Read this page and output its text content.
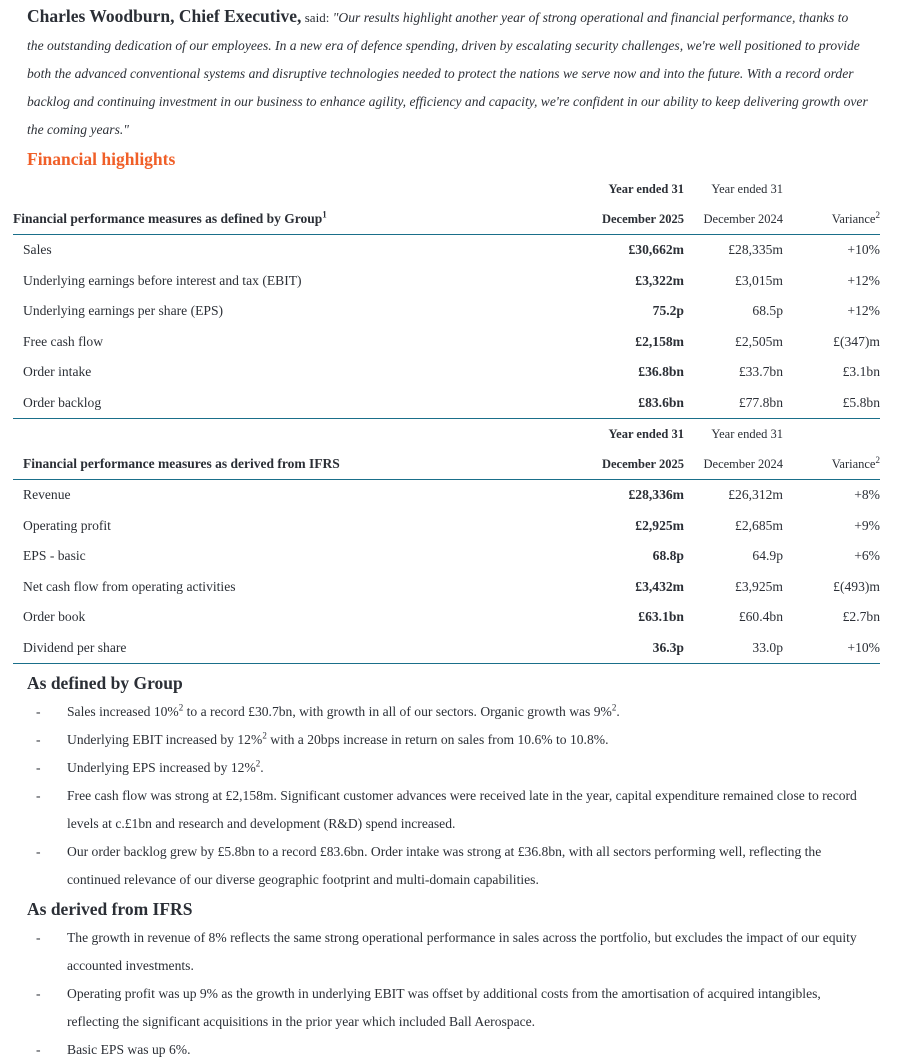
Charles Woodburn, Chief Executive, said: "Our results highlight another year of strong operational and financial performance, thanks to the outstanding dedication of our employees. In a new era of defence spending, driven by escalating security challenges, we're well positioned to provide both the advanced conventional systems and disruptive technologies needed to protect the nations we serve now and into the future. With a record order backlog and continuing investment in our business to enhance agility, efficiency and capacity, we're confident in our ability to keep delivering growth over the coming years."

Financial highlights
		Year ended 31	Year ended 31	
Financial performance measures as defined by Group$^1$		December 2025	December 2024	Variance$^2$
	Sales	£30,662m	£28,335m	+10%
	Underlying earnings before interest and tax (EBIT)	£3,322m	£3,015m	+12%
	Underlying earnings per share (EPS)	75.2p	68.5p	+12%
	Free cash flow	£2,158m	£2,505m	£(347)m
	Order intake	£36.8bn	£33.7bn	£3.1bn
	Order backlog	£83.6bn	£77.8bn	£5.8bn
		Year ended 31	Year ended 31	
	Financial performance measures as derived from IFRS	December 2025	December 2024	Variance$^2$
	Revenue	£28,336m	£26,312m	+8%
	Operating profit	£2,925m	£2,685m	+9%
	EPS - basic	68.8p	64.9p	+6%
	Net cash flow from operating activities	£3,432m	£3,925m	£(493)m
	Order book	£63.1bn	£60.4bn	£2.7bn
	Dividend per share	36.3p	33.0p	+10%
As defined by Group
- Sales increased 10%$^2$ to a record £30.7bn, with growth in all of our sectors. Organic growth was 9%$^2$.
- Underlying EBIT increased by 12%$^2$ with a 20bps increase in return on sales from 10.6% to 10.8%.
- Underlying EPS increased by 12%$^2$.
- Free cash flow was strong at £2,158m. Significant customer advances were received late in the year, capital expenditure remained close to record levels at c.£1bn and research and development (R&D) spend increased.
- Our order backlog grew by £5.8bn to a record £83.6bn. Order intake was strong at £36.8bn, with all sectors performing well, reflecting the continued relevance of our diverse geographic footprint and multi-domain capabilities.
As derived from IFRS
- The growth in revenue of 8% reflects the same strong operational performance in sales across the portfolio, but excludes the impact of our equity accounted investments.
- Operating profit was up 9% as the growth in underlying EBIT was offset by additional costs from the amortisation of acquired intangibles, reflecting the significant acquisitions in the prior year which included Ball Aerospace.
- Basic EPS was up 6%.
